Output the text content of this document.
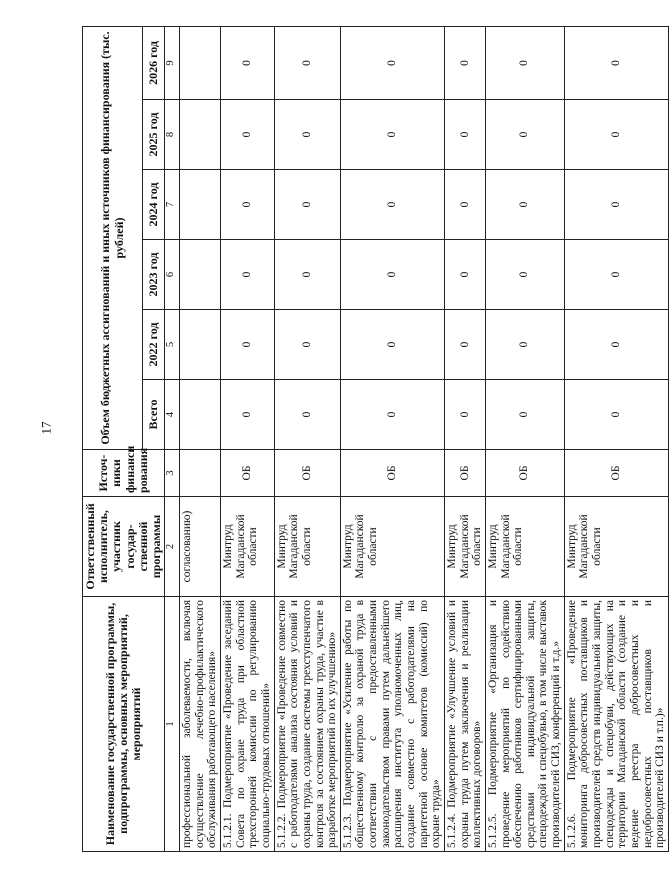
17
Наименование государственной программы, подпрограммы, основных мероприятий, мероприятий	Ответственный исполнитель, участник государ-ственной программы	Источ-ники финанси рования	Объем бюджетных ассигнований и иных источников финансирования (тыс. рублей)					
			Всего	2022 год	2023 год	2024 год	2025 год	2026 год
1	2	3	4	5	6	7	8	9
профессиональной заболеваемости, включая осуществление лечебно-профилактического обслуживания работающего населения»	согласованию)							
5.1.2.1. Подмероприятие «Проведение заседаний Совета по охране труда при областной трехсторонней комиссии по регулированию социально-трудовых отношений»	Минтруд Магаданской области	ОБ	0	0	0	0	0	0
5.1.2.2. Подмероприятие «Проведение совместно с работодателями анализа состояния условий и охраны труда, создание системы трехступенчатого контроля за состоянием охраны труда, участие в разработке мероприятий по их улучшению»	Минтруд Магаданской области	ОБ	0	0	0	0	0	0
5.1.2.3. Подмероприятие «Усиление работы по общественному контролю за охраной труда в соответствии с предоставленными законодательством правами путем дальнейшего расширения института уполномоченных лиц, создание совместно с работодателями на паритетной основе комитетов (комиссий) по охране труда»	Минтруд Магаданской области	ОБ	0	0	0	0	0	0
5.1.2.4. Подмероприятие «Улучшение условий и охраны труда путем заключения и реализации коллективных договоров»	Минтруд Магаданской области	ОБ	0	0	0	0	0	0
5.1.2.5. Подмероприятие «Организация и проведение мероприятий по содействию обеспечению работников сертифицированными средствами индивидуальной защиты, спецодеждой и спецобувью, в том числе выставок производителей СИЗ, конференций и т.д.»	Минтруд Магаданской области	ОБ	0	0	0	0	0	0
5.1.2.6. Подмероприятие «Проведение мониторинга добросовестных поставщиков и производителей средств индивидуальной защиты, спецодежды и спецобуви, действующих на территории Магаданской области (создание и ведение реестра добросовестных и недобросовестных поставщиков и производителей СИЗ и т.п.)»	Минтруд Магаданской области	ОБ	0	0	0	0	0	0
